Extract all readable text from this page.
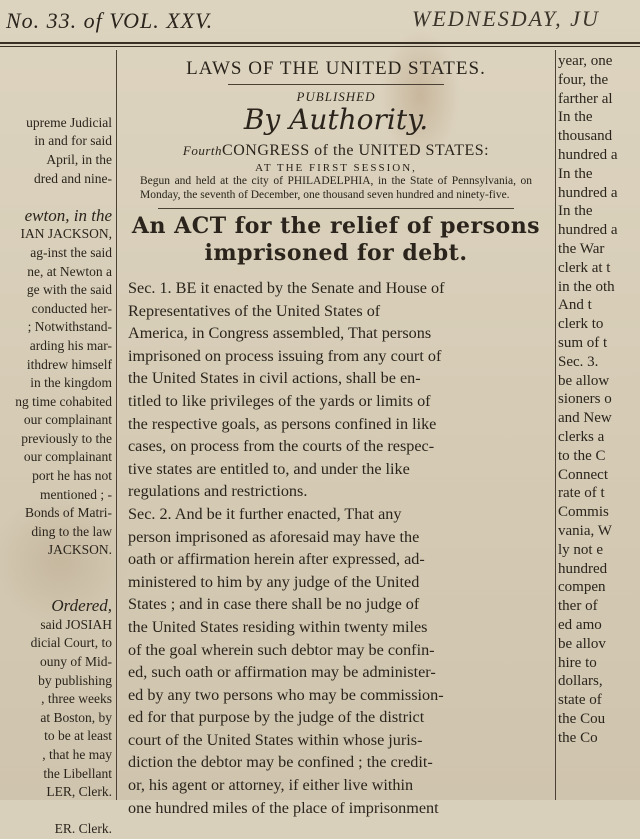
No. 33. of VOL. XXV.	WEDNESDAY, JU

upreme Judicial
in and for said
April, in the
dred and nine-

ewton, in the
IAN JACKSON,
ag-inst the said
ne, at Newton a
ge with the said
conducted her-
; Notwithstand-
arding his mar-
ithdrew himself
in the kingdom
ng time cohabited
our complainant
previously to the
our complainant
port he has not
mentioned ; -
Bonds of Matri-
ding to the law
JACKSON.

Ordered,
said JOSIAH
dicial Court, to
ouny of Mid-
by publishing
, three weeks
at Boston, by
to be at least
, that he may
the Libellant
LER, Clerk.

ER. Clerk.
LAWS OF THE UNITED STATES.
PUBLISHED
By Authority.
FourthCONGRESS of the UNITED STATES:
AT THE FIRST SESSION,
Begun and held at the city of PHILADELPHIA, in the State of Pennsylvania, on Monday, the seventh of December, one thousand seven hundred and ninety-five.
An ACT for the relief of persons imprisoned for debt.
Sec. 1. BE it enacted by the Senate and House of
Representatives of the United States of
America, in Congress assembled, That persons
imprisoned on process issuing from any court of
the United States in civil actions, shall be en-
titled to like privileges of the yards or limits of
the respective goals, as persons confined in like
cases, on process from the courts of the respec-
tive states are entitled to, and under the like
regulations and restrictions.
Sec. 2. And be it further enacted, That any
person imprisoned as aforesaid may have the
oath or affirmation herein after expressed, ad-
ministered to him by any judge of the United
States ; and in case there shall be no judge of
the United States residing within twenty miles
of the goal wherein such debtor may be confin-
ed, such oath or affirmation may be administer-
ed by any two persons who may be commission-
ed for that purpose by the judge of the district
court of the United States within whose juris-
diction the debtor may be confined ; the credit-
or, his agent or attorney, if either live within
one hundred miles of the place of imprisonment
year, one
four, the
farther al
In the
thousand
hundred a
In the
hundred a
In the
hundred a
the War
clerk at t
in the oth
And t
clerk to
sum of t
Sec. 3.
be allow
sioners o
and New
clerks a
to the C
Connect
rate of t
Commis
vania, W
ly not e
hundred
compen
ther of
ed amo
be allov
hire to
dollars,
state of
the Cou
the Co
